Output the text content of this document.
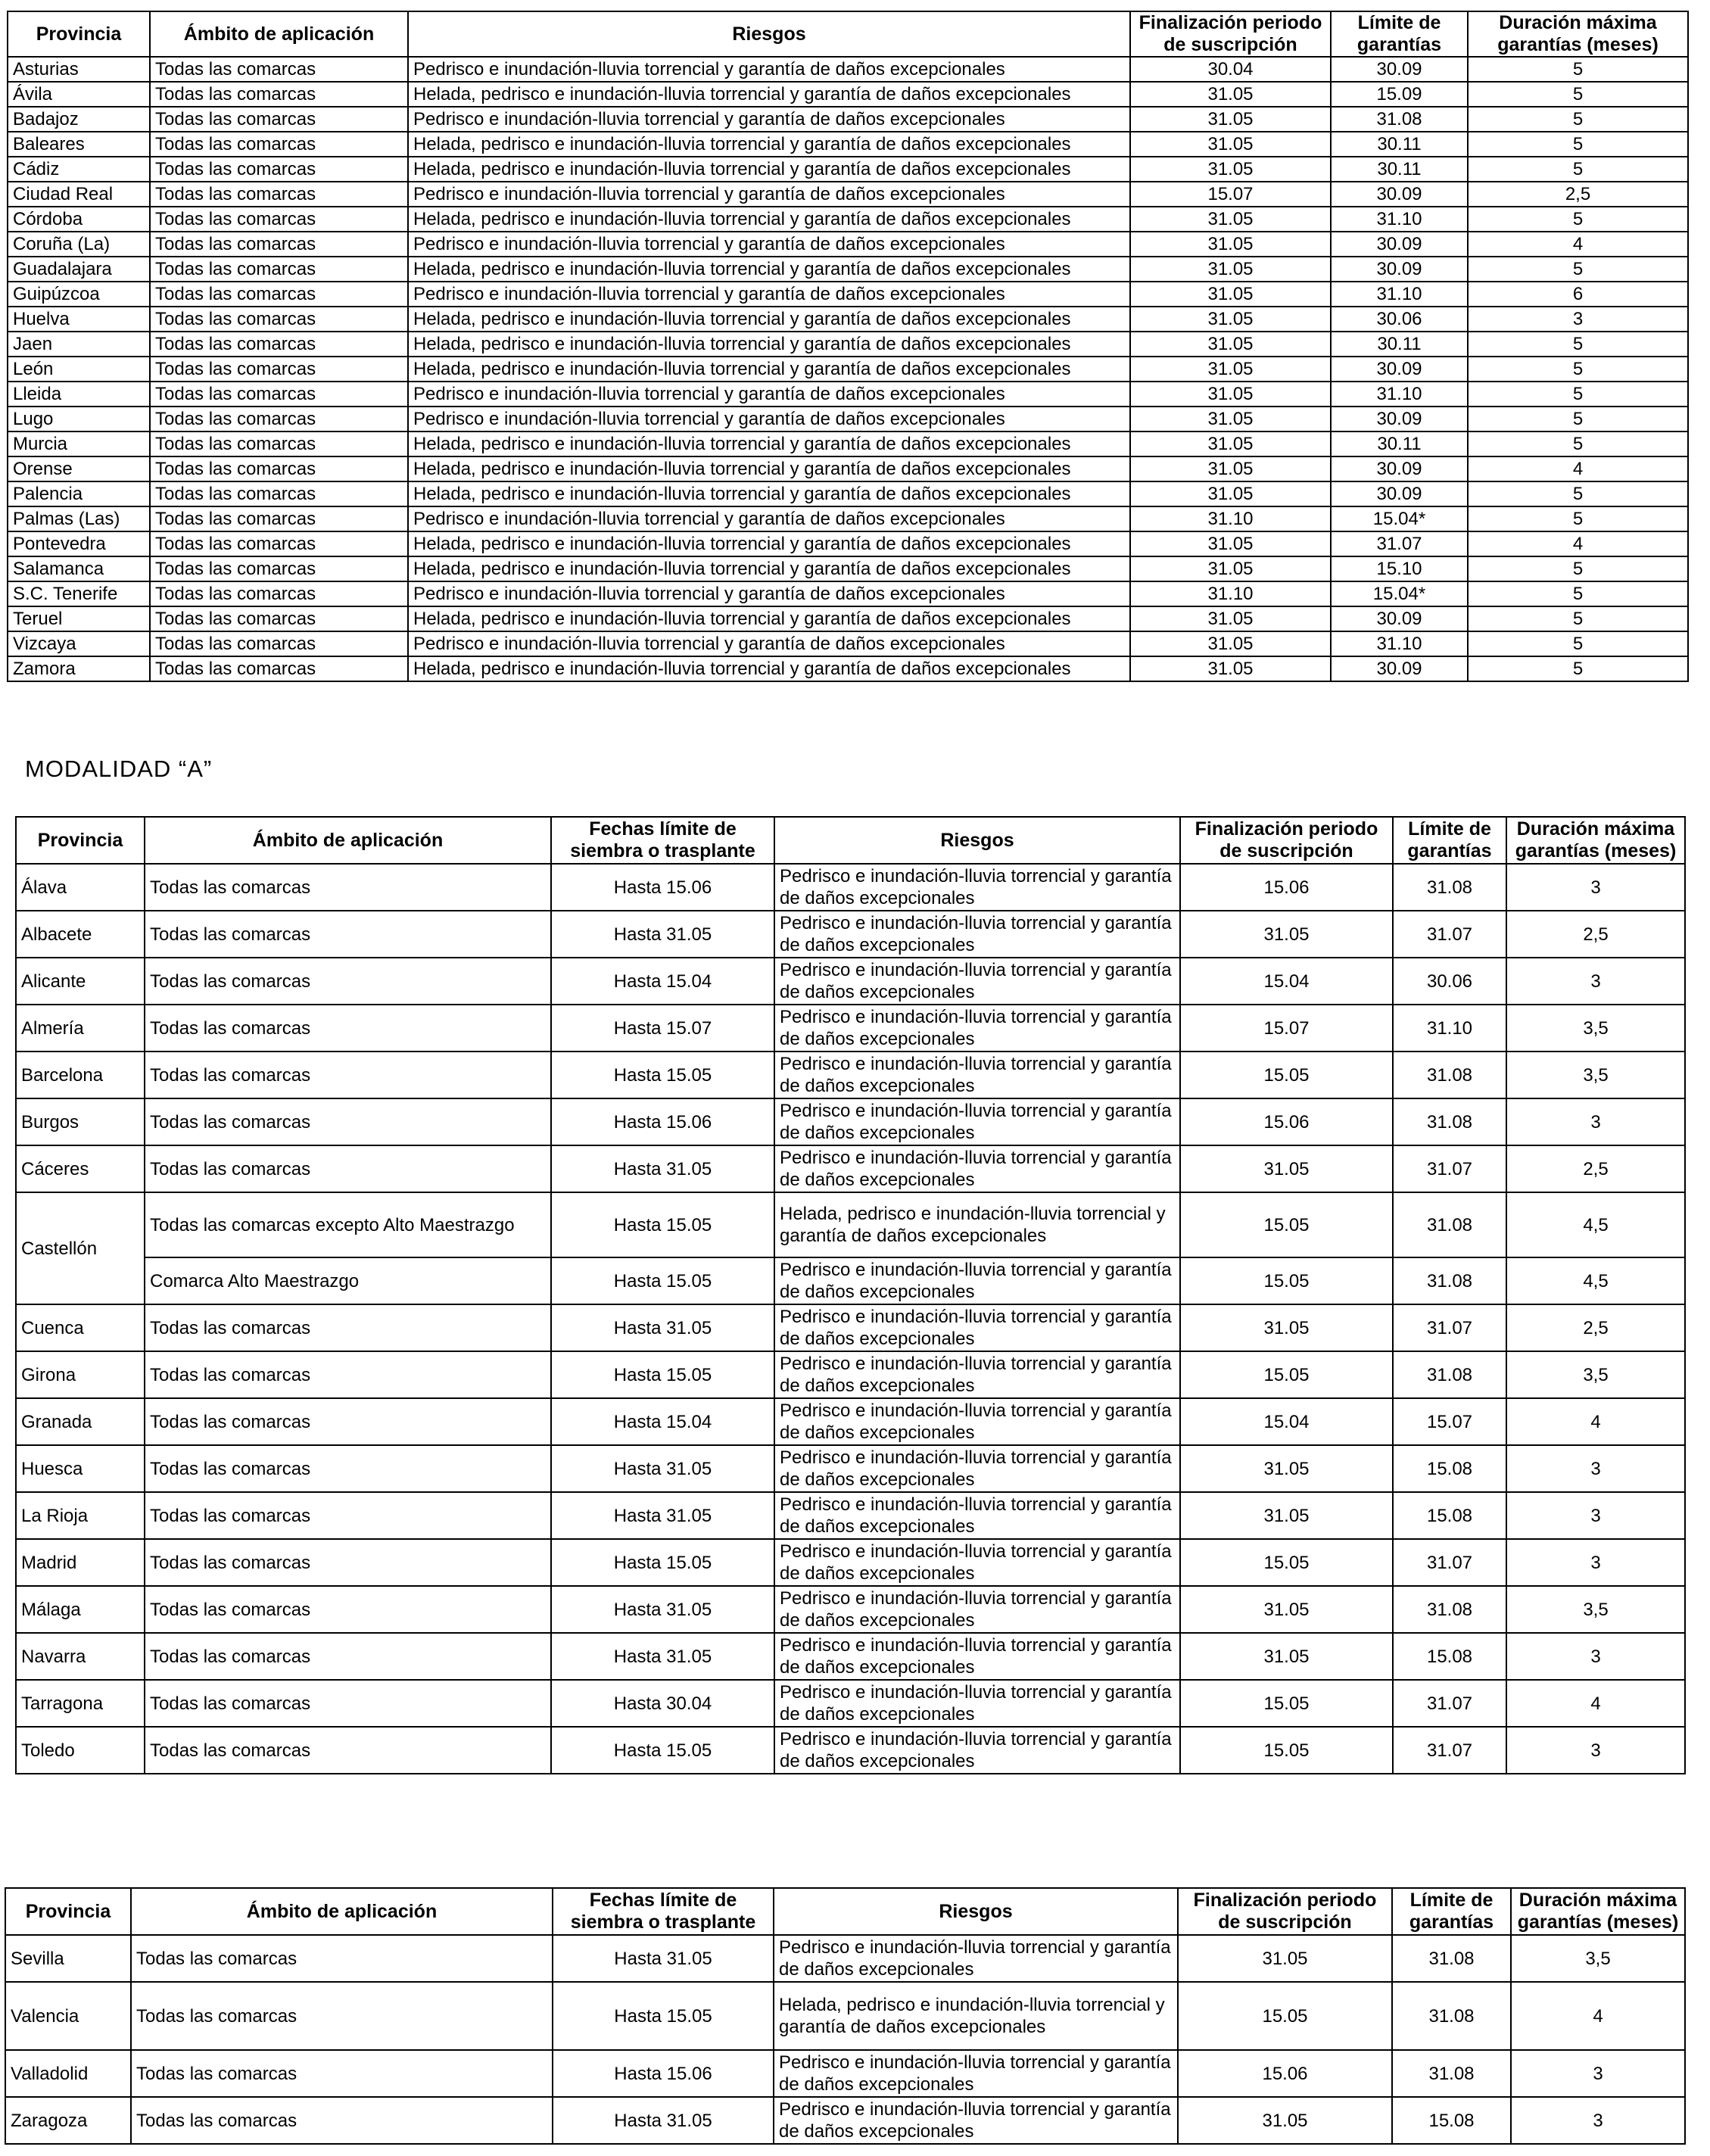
Provincia	Ámbito de aplicación	Riesgos	Finalización periodo de suscripción	Límite de garantías	Duración máxima garantías (meses)
Asturias	Todas las comarcas	Pedrisco e inundación-lluvia torrencial y garantía de daños excepcionales	30.04	30.09	5
Ávila	Todas las comarcas	Helada, pedrisco e inundación-lluvia torrencial y garantía de daños excepcionales	31.05	15.09	5
Badajoz	Todas las comarcas	Pedrisco e inundación-lluvia torrencial y garantía de daños excepcionales	31.05	31.08	5
Baleares	Todas las comarcas	Helada, pedrisco e inundación-lluvia torrencial y garantía de daños excepcionales	31.05	30.11	5
Cádiz	Todas las comarcas	Helada, pedrisco e inundación-lluvia torrencial y garantía de daños excepcionales	31.05	30.11	5
Ciudad Real	Todas las comarcas	Pedrisco e inundación-lluvia torrencial y garantía de daños excepcionales	15.07	30.09	2,5
Córdoba	Todas las comarcas	Helada, pedrisco e inundación-lluvia torrencial y garantía de daños excepcionales	31.05	31.10	5
Coruña (La)	Todas las comarcas	Pedrisco e inundación-lluvia torrencial y garantía de daños excepcionales	31.05	30.09	4
Guadalajara	Todas las comarcas	Helada, pedrisco e inundación-lluvia torrencial y garantía de daños excepcionales	31.05	30.09	5
Guipúzcoa	Todas las comarcas	Pedrisco e inundación-lluvia torrencial y garantía de daños excepcionales	31.05	31.10	6
Huelva	Todas las comarcas	Helada, pedrisco e inundación-lluvia torrencial y garantía de daños excepcionales	31.05	30.06	3
Jaen	Todas las comarcas	Helada, pedrisco e inundación-lluvia torrencial y garantía de daños excepcionales	31.05	30.11	5
León	Todas las comarcas	Helada, pedrisco e inundación-lluvia torrencial y garantía de daños excepcionales	31.05	30.09	5
Lleida	Todas las comarcas	Pedrisco e inundación-lluvia torrencial y garantía de daños excepcionales	31.05	31.10	5
Lugo	Todas las comarcas	Pedrisco e inundación-lluvia torrencial y garantía de daños excepcionales	31.05	30.09	5
Murcia	Todas las comarcas	Helada, pedrisco e inundación-lluvia torrencial y garantía de daños excepcionales	31.05	30.11	5
Orense	Todas las comarcas	Helada, pedrisco e inundación-lluvia torrencial y garantía de daños excepcionales	31.05	30.09	4
Palencia	Todas las comarcas	Helada, pedrisco e inundación-lluvia torrencial y garantía de daños excepcionales	31.05	30.09	5
Palmas (Las)	Todas las comarcas	Pedrisco e inundación-lluvia torrencial y garantía de daños excepcionales	31.10	15.04*	5
Pontevedra	Todas las comarcas	Helada, pedrisco e inundación-lluvia torrencial y garantía de daños excepcionales	31.05	31.07	4
Salamanca	Todas las comarcas	Helada, pedrisco e inundación-lluvia torrencial y garantía de daños excepcionales	31.05	15.10	5
S.C. Tenerife	Todas las comarcas	Pedrisco e inundación-lluvia torrencial y garantía de daños excepcionales	31.10	15.04*	5
Teruel	Todas las comarcas	Helada, pedrisco e inundación-lluvia torrencial y garantía de daños excepcionales	31.05	30.09	5
Vizcaya	Todas las comarcas	Pedrisco e inundación-lluvia torrencial y garantía de daños excepcionales	31.05	31.10	5
Zamora	Todas las comarcas	Helada, pedrisco e inundación-lluvia torrencial y garantía de daños excepcionales	31.05	30.09	5
MODALIDAD “A”
Provincia	Ámbito de aplicación	Fechas límite de siembra o trasplante	Riesgos	Finalización periodo de suscripción	Límite de garantías	Duración máxima garantías (meses)
Álava	Todas las comarcas	Hasta 15.06	Pedrisco e inundación-lluvia torrencial y garantía de daños excepcionales	15.06	31.08	3
Albacete	Todas las comarcas	Hasta 31.05	Pedrisco e inundación-lluvia torrencial y garantía de daños excepcionales	31.05	31.07	2,5
Alicante	Todas las comarcas	Hasta 15.04	Pedrisco e inundación-lluvia torrencial y garantía de daños excepcionales	15.04	30.06	3
Almería	Todas las comarcas	Hasta 15.07	Pedrisco e inundación-lluvia torrencial y garantía de daños excepcionales	15.07	31.10	3,5
Barcelona	Todas las comarcas	Hasta 15.05	Pedrisco e inundación-lluvia torrencial y garantía de daños excepcionales	15.05	31.08	3,5
Burgos	Todas las comarcas	Hasta 15.06	Pedrisco e inundación-lluvia torrencial y garantía de daños excepcionales	15.06	31.08	3
Cáceres	Todas las comarcas	Hasta 31.05	Pedrisco e inundación-lluvia torrencial y garantía de daños excepcionales	31.05	31.07	2,5
Castellón	Todas las comarcas excepto Alto Maestrazgo	Hasta 15.05	Helada, pedrisco e inundación-lluvia torrencial y garantía de daños excepcionales	15.05	31.08	4,5
	Comarca Alto Maestrazgo	Hasta 15.05	Pedrisco e inundación-lluvia torrencial y garantía de daños excepcionales	15.05	31.08	4,5
Cuenca	Todas las comarcas	Hasta 31.05	Pedrisco e inundación-lluvia torrencial y garantía de daños excepcionales	31.05	31.07	2,5
Girona	Todas las comarcas	Hasta 15.05	Pedrisco e inundación-lluvia torrencial y garantía de daños excepcionales	15.05	31.08	3,5
Granada	Todas las comarcas	Hasta 15.04	Pedrisco e inundación-lluvia torrencial y garantía de daños excepcionales	15.04	15.07	4
Huesca	Todas las comarcas	Hasta 31.05	Pedrisco e inundación-lluvia torrencial y garantía de daños excepcionales	31.05	15.08	3
La Rioja	Todas las comarcas	Hasta 31.05	Pedrisco e inundación-lluvia torrencial y garantía de daños excepcionales	31.05	15.08	3
Madrid	Todas las comarcas	Hasta 15.05	Pedrisco e inundación-lluvia torrencial y garantía de daños excepcionales	15.05	31.07	3
Málaga	Todas las comarcas	Hasta 31.05	Pedrisco e inundación-lluvia torrencial y garantía de daños excepcionales	31.05	31.08	3,5
Navarra	Todas las comarcas	Hasta 31.05	Pedrisco e inundación-lluvia torrencial y garantía de daños excepcionales	31.05	15.08	3
Tarragona	Todas las comarcas	Hasta 30.04	Pedrisco e inundación-lluvia torrencial y garantía de daños excepcionales	15.05	31.07	4
Toledo	Todas las comarcas	Hasta 15.05	Pedrisco e inundación-lluvia torrencial y garantía de daños excepcionales	15.05	31.07	3
Provincia	Ámbito de aplicación	Fechas límite de siembra o trasplante	Riesgos	Finalización periodo de suscripción	Límite de garantías	Duración máxima garantías (meses)
Sevilla	Todas las comarcas	Hasta 31.05	Pedrisco e inundación-lluvia torrencial y garantía de daños excepcionales	31.05	31.08	3,5
Valencia	Todas las comarcas	Hasta 15.05	Helada, pedrisco e inundación-lluvia torrencial y garantía de daños excepcionales	15.05	31.08	4
Valladolid	Todas las comarcas	Hasta 15.06	Pedrisco e inundación-lluvia torrencial y garantía de daños excepcionales	15.06	31.08	3
Zaragoza	Todas las comarcas	Hasta 31.05	Pedrisco e inundación-lluvia torrencial y garantía de daños excepcionales	31.05	15.08	3
